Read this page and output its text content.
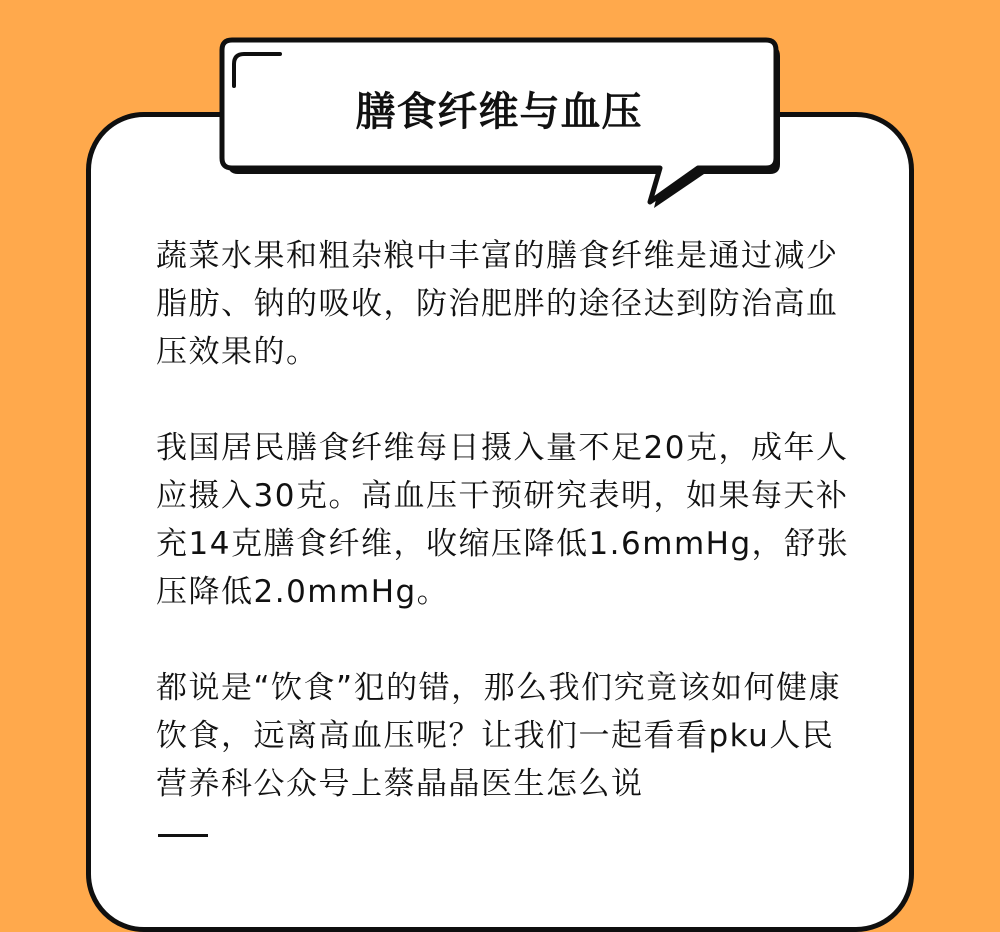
膳食纤维与血压

蔬菜水果和粗杂粮中丰富的膳食纤维是通过减少脂肪、钠的吸收，防治肥胖的途径达到防治高血压效果的。

我国居民膳食纤维每日摄入量不足20克，成年人应摄入30克。高血压干预研究表明，如果每天补充14克膳食纤维，收缩压降低1.6mmHg，舒张压降低2.0mmHg。

都说是“饮食”犯的错，那么我们究竟该如何健康饮食，远离高血压呢？让我们一起看看pku人民营养科公众号上蔡晶晶医生怎么说
